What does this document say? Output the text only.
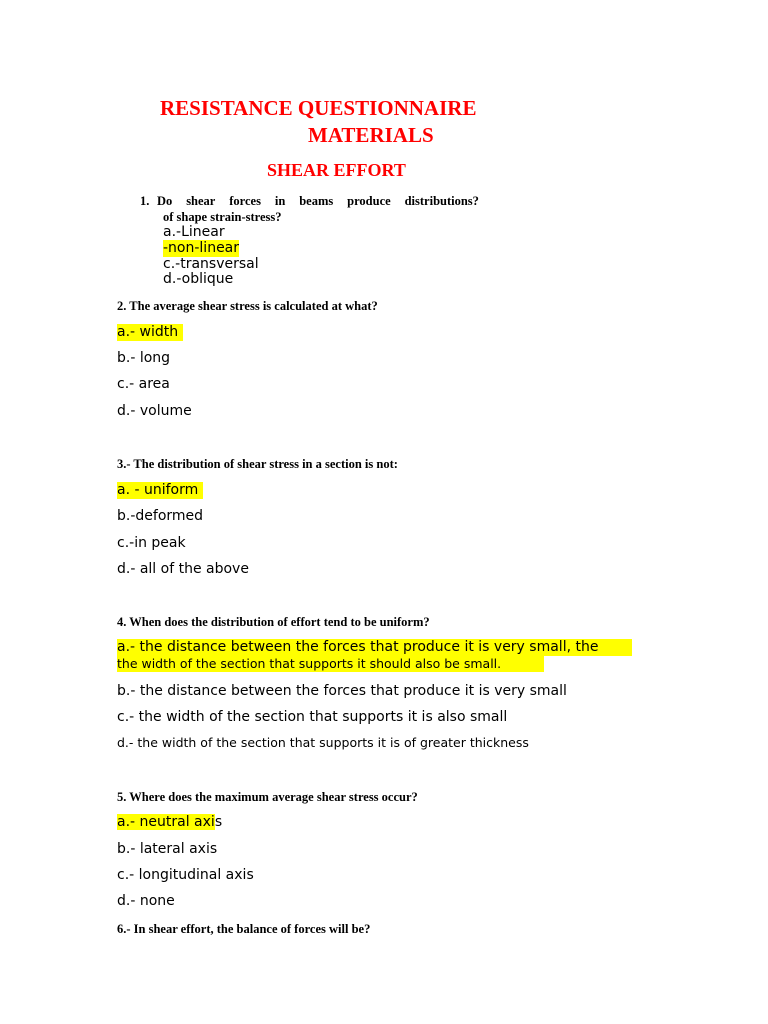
RESISTANCE QUESTIONNAIRE
MATERIALS
SHEAR EFFORT
1. Do shear forces in beams produce distributions?
of shape strain-stress?
a.-Linear
-non-linear
c.-transversal
d.-oblique
2. The average shear stress is calculated at what?
a.- width
b.- long
c.- area
d.- volume
3.- The distribution of shear stress in a section is not:
a. - uniform
b.-deformed
c.-in peak
d.- all of the above
4. When does the distribution of effort tend to be uniform?
a.- the distance between the forces that produce it is very small, the
the width of the section that supports it should also be small.
b.- the distance between the forces that produce it is very small
c.- the width of the section that supports it is also small
d.- the width of the section that supports it is of greater thickness
5. Where does the maximum average shear stress occur?
a.- neutral axis
b.- lateral axis
c.- longitudinal axis
d.- none
6.- In shear effort, the balance of forces will be?
